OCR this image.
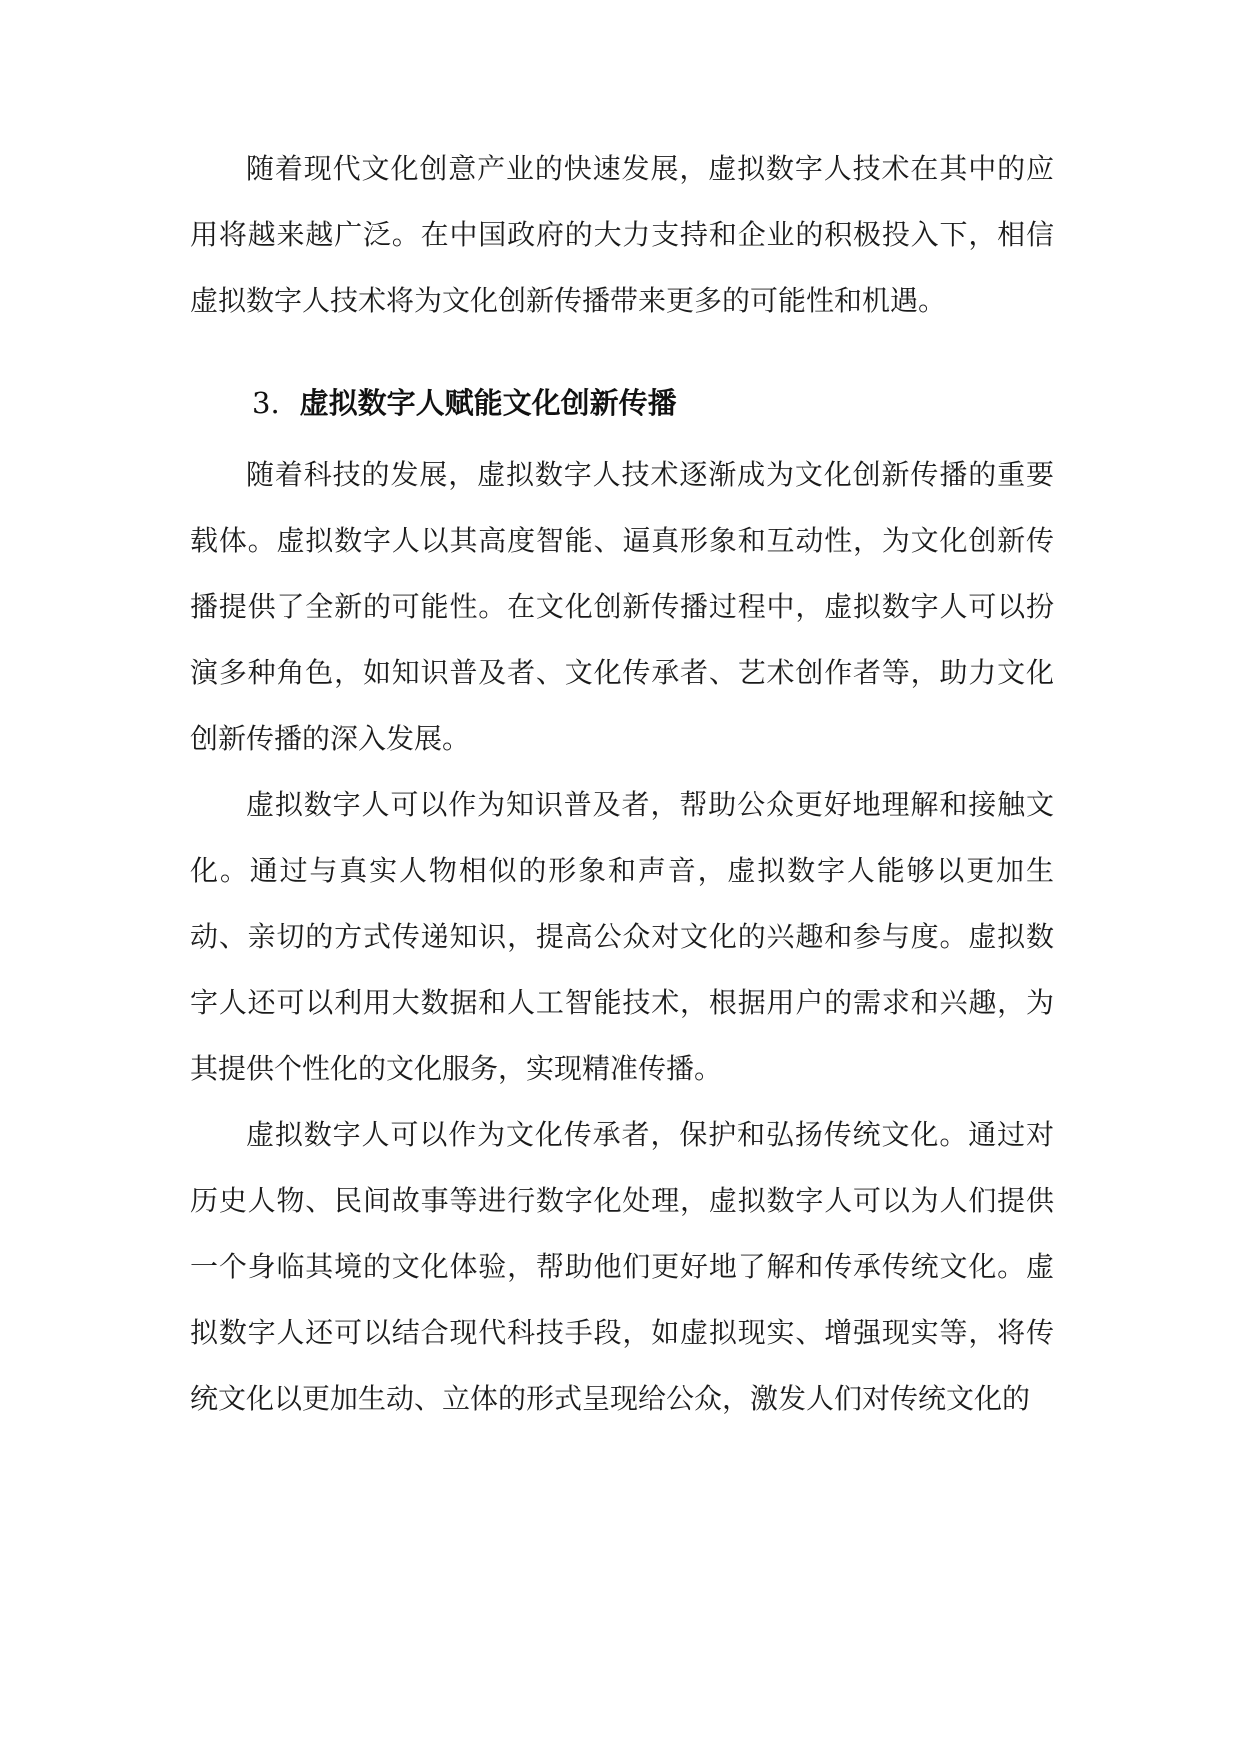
随着现代文化创意产业的快速发展，虚拟数字人技术在其中的应用将越来越广泛。在中国政府的大力支持和企业的积极投入下，相信虚拟数字人技术将为文化创新传播带来更多的可能性和机遇。

3. 虚拟数字人赋能文化创新传播

随着科技的发展，虚拟数字人技术逐渐成为文化创新传播的重要载体。虚拟数字人以其高度智能、逼真形象和互动性，为文化创新传播提供了全新的可能性。在文化创新传播过程中，虚拟数字人可以扮演多种角色，如知识普及者、文化传承者、艺术创作者等，助力文化创新传播的深入发展。

虚拟数字人可以作为知识普及者，帮助公众更好地理解和接触文化。通过与真实人物相似的形象和声音，虚拟数字人能够以更加生动、亲切的方式传递知识，提高公众对文化的兴趣和参与度。虚拟数字人还可以利用大数据和人工智能技术，根据用户的需求和兴趣，为其提供个性化的文化服务，实现精准传播。

虚拟数字人可以作为文化传承者，保护和弘扬传统文化。通过对历史人物、民间故事等进行数字化处理，虚拟数字人可以为人们提供一个身临其境的文化体验，帮助他们更好地了解和传承传统文化。虚拟数字人还可以结合现代科技手段，如虚拟现实、增强现实等，将传统文化以更加生动、立体的形式呈现给公众，激发人们对传统文化的
